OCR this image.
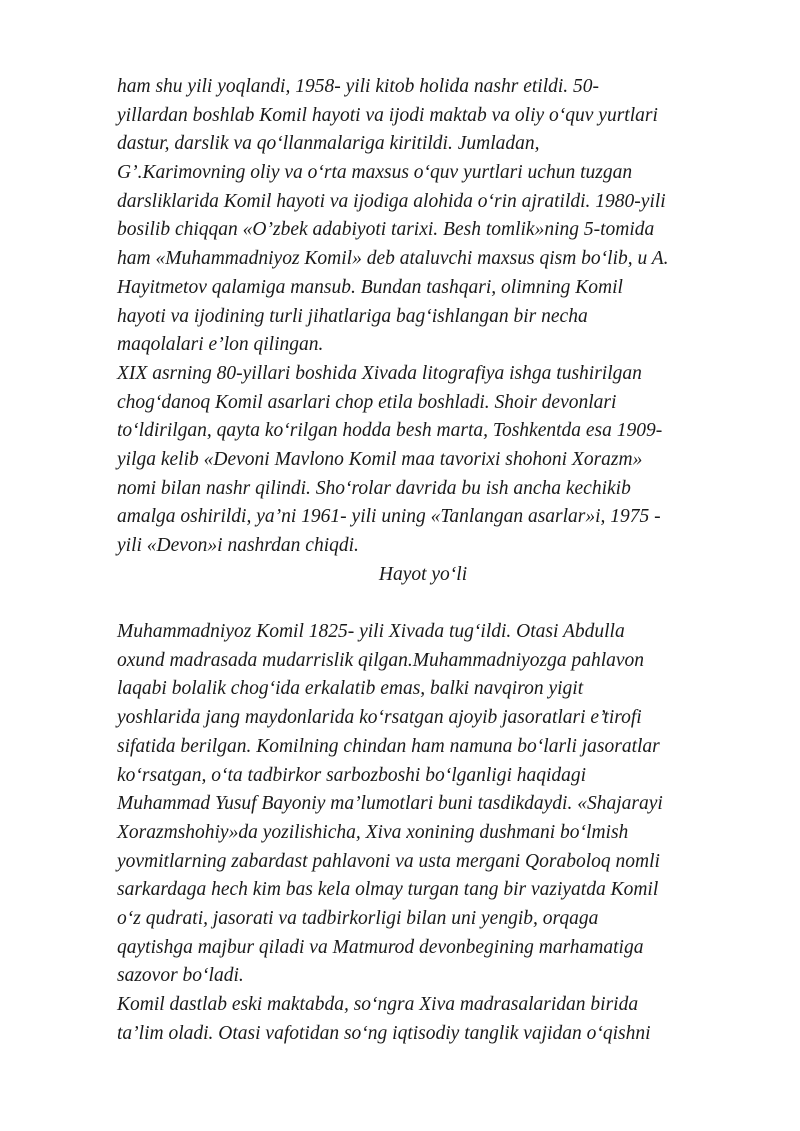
ham shu yili yoqlandi, 1958- yili kitob holida nashr etildi. 50-
yillardan boshlab Komil hayoti va ijodi maktab va oliy o‘quv yurtlari
dastur, darslik va qo‘llanmalariga kiritildi. Jumladan,
G’.Karimovning oliy va o‘rta maxsus o‘quv yurtlari uchun tuzgan
darsliklarida Komil hayoti va ijodiga alohida o‘rin ajratildi. 1980-yili
bosilib chiqqan «O’zbek adabiyoti tarixi. Besh tomlik»ning 5-tomida
ham «Muhammadniyoz Komil» deb ataluvchi maxsus qism bo‘lib, u A.
Hayitmetov qalamiga mansub. Bundan tashqari, olimning Komil
hayoti va ijodining turli jihatlariga bag‘ishlangan bir necha
maqolalari e’lon qilingan.
XIX asrning 80-yillari boshida Xivada litografiya ishga tushirilgan
chog‘danoq Komil asarlari chop etila boshladi. Shoir devonlari
to‘ldirilgan, qayta ko‘rilgan hodda besh marta, Toshkentda esa 1909-
yilga kelib «Devoni Mavlono Komil maa tavorixi shohoni Xorazm»
nomi bilan nashr qilindi. Sho‘rolar davrida bu ish ancha kechikib
amalga oshirildi, ya’ni 1961- yili uning «Tanlangan asarlar»i, 1975 -
yili «Devon»i nashrdan chiqdi.
Hayot yo‘li
Muhammadniyoz Komil 1825- yili Xivada tug‘ildi. Otasi Abdulla
oxund madrasada mudarrislik qilgan.Muhammadniyozga pahlavon
laqabi bolalik chog‘ida erkalatib emas, balki navqiron yigit
yoshlarida jang maydonlarida ko‘rsatgan ajoyib jasoratlari e’tirofi
sifatida berilgan. Komilning chindan ham namuna bo‘larli jasoratlar
ko‘rsatgan, o‘ta tadbirkor sarbozboshi bo‘lganligi haqidagi
Muhammad Yusuf Bayoniy ma’lumotlari buni tasdikdaydi. «Shajarayi
Xorazmshohiy»da yozilishicha, Xiva xonining dushmani bo‘lmish
yovmitlarning zabardast pahlavoni va usta mergani Qoraboloq nomli
sarkardaga hech kim bas kela olmay turgan tang bir vaziyatda Komil
o‘z qudrati, jasorati va tadbirkorligi bilan uni yengib, orqaga
qaytishga majbur qiladi va Matmurod devonbegining marhamatiga
sazovor bo‘ladi.
Komil dastlab eski maktabda, so‘ngra Xiva madrasalaridan birida
ta’lim oladi. Otasi vafotidan so‘ng iqtisodiy tanglik vajidan o‘qishni
